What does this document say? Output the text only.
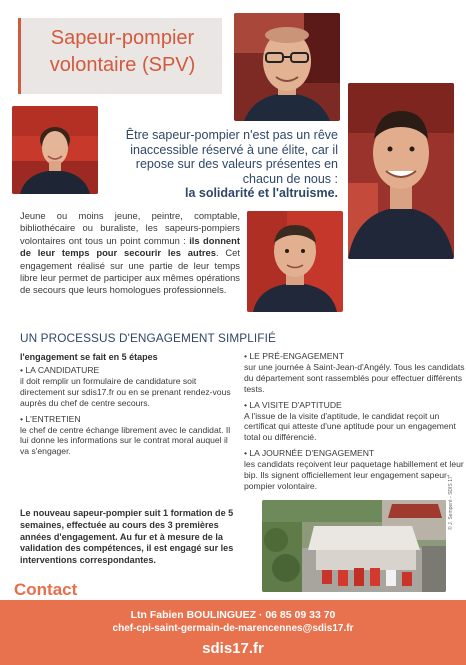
Sapeur-pompier
volontaire (SPV)
Être sapeur-pompier n'est pas un rêve inaccessible réservé à une élite, car il repose sur des valeurs présentes en chacun de nous :
la solidarité et l'altruisme.
Jeune ou moins jeune, peintre, comptable, bibliothécaire ou buraliste, les sapeurs-pompiers volontaires ont tous un point commun : ils donnent de leur temps pour secourir les autres. Cet engagement réalisé sur une partie de leur temps libre leur permet de participer aux mêmes opérations de secours que leurs homologues professionnels.
UN PROCESSUS D'ENGAGEMENT SIMPLIFIÉ
l'engagement se fait en 5 étapes
• LA CANDIDATURE
il doit remplir un formulaire de candidature soit directement sur sdis17.fr ou en se prenant rendez-vous auprès du chef de centre secours.
• L'ENTRETIEN
le chef de centre échange librement avec le candidat. Il lui donne les informations sur le contrat moral auquel il va s'engager.
• LE PRÉ-ENGAGEMENT
sur une journée à Saint-Jean-d'Angély. Tous les candidats du département sont rassemblés pour effectuer différents tests.
• LA VISITE D'APTITUDE
A l'issue de la visite d'aptitude, le candidat reçoit un certificat qui atteste d'une aptitude pour un engagement total ou différencié.
• LA JOURNÉE D'ENGAGEMENT
les candidats reçoivent leur paquetage habillement et leur bip. Ils signent officiellement leur engagement sapeur-pompier volontaire.
Le nouveau sapeur-pompier suit 1 formation de 5 semaines, effectuée au cours des 3 premières années d'engagement. Au fur et à mesure de la validation des compétences, il est engagé sur les interventions correspondantes.
© J. Semperé - SDIS 17
Contact
Ltn Fabien BOULINGUEZ · 06 85 09 33 70
chef-cpi-saint-germain-de-marencennes@sdis17.fr
sdis17.fr
